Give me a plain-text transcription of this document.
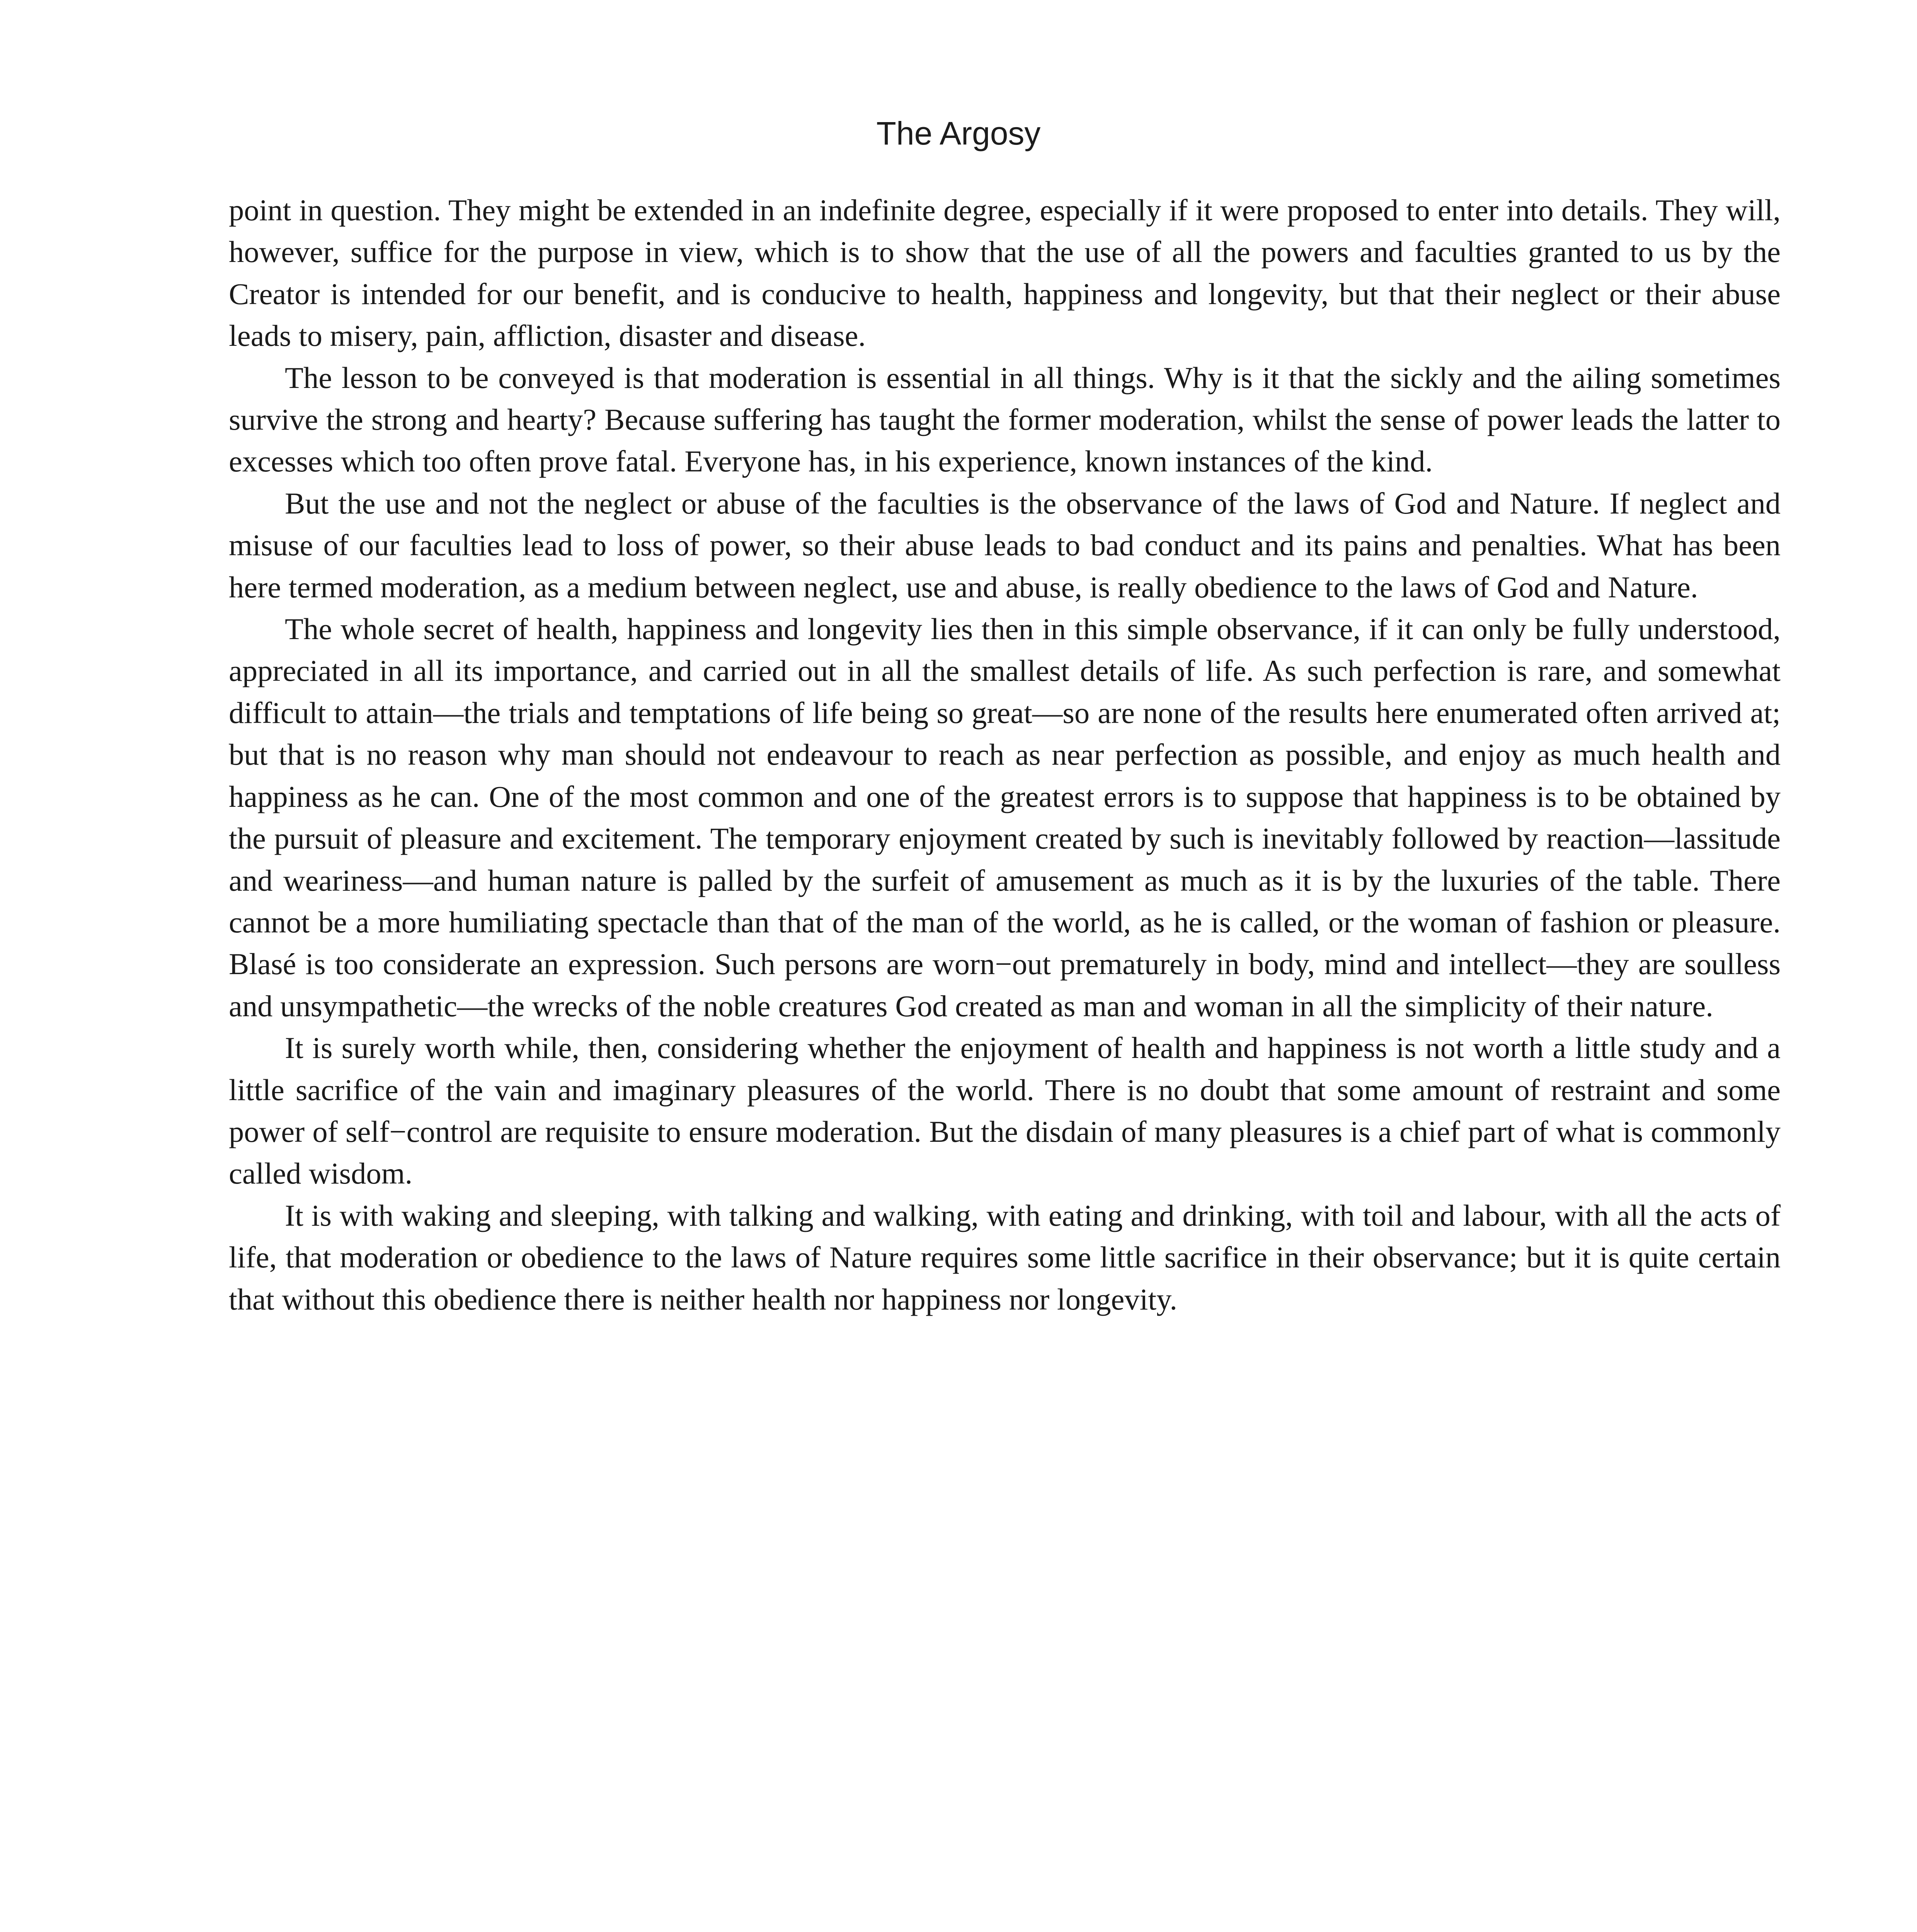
The Argosy

point in question. They might be extended in an indefinite degree, especially if it were proposed to enter into details. They will, however, suffice for the purpose in view, which is to show that the use of all the powers and faculties granted to us by the Creator is intended for our benefit, and is conducive to health, happiness and longevity, but that their neglect or their abuse leads to misery, pain, affliction, disaster and disease.

The lesson to be conveyed is that moderation is essential in all things. Why is it that the sickly and the ailing sometimes survive the strong and hearty? Because suffering has taught the former moderation, whilst the sense of power leads the latter to excesses which too often prove fatal. Everyone has, in his experience, known instances of the kind.

But the use and not the neglect or abuse of the faculties is the observance of the laws of God and Nature. If neglect and misuse of our faculties lead to loss of power, so their abuse leads to bad conduct and its pains and penalties. What has been here termed moderation, as a medium between neglect, use and abuse, is really obedience to the laws of God and Nature.

The whole secret of health, happiness and longevity lies then in this simple observance, if it can only be fully understood, appreciated in all its importance, and carried out in all the smallest details of life. As such perfection is rare, and somewhat difficult to attain—the trials and temptations of life being so great—so are none of the results here enumerated often arrived at; but that is no reason why man should not endeavour to reach as near perfection as possible, and enjoy as much health and happiness as he can. One of the most common and one of the greatest errors is to suppose that happiness is to be obtained by the pursuit of pleasure and excitement. The temporary enjoyment created by such is inevitably followed by reaction—lassitude and weariness—and human nature is palled by the surfeit of amusement as much as it is by the luxuries of the table. There cannot be a more humiliating spectacle than that of the man of the world, as he is called, or the woman of fashion or pleasure. Blasé is too considerate an expression. Such persons are worn−out prematurely in body, mind and intellect—they are soulless and unsympathetic—the wrecks of the noble creatures God created as man and woman in all the simplicity of their nature.

It is surely worth while, then, considering whether the enjoyment of health and happiness is not worth a little study and a little sacrifice of the vain and imaginary pleasures of the world. There is no doubt that some amount of restraint and some power of self−control are requisite to ensure moderation. But the disdain of many pleasures is a chief part of what is commonly called wisdom.

It is with waking and sleeping, with talking and walking, with eating and drinking, with toil and labour, with all the acts of life, that moderation or obedience to the laws of Nature requires some little sacrifice in their observance; but it is quite certain that without this obedience there is neither health nor happiness nor longevity.
